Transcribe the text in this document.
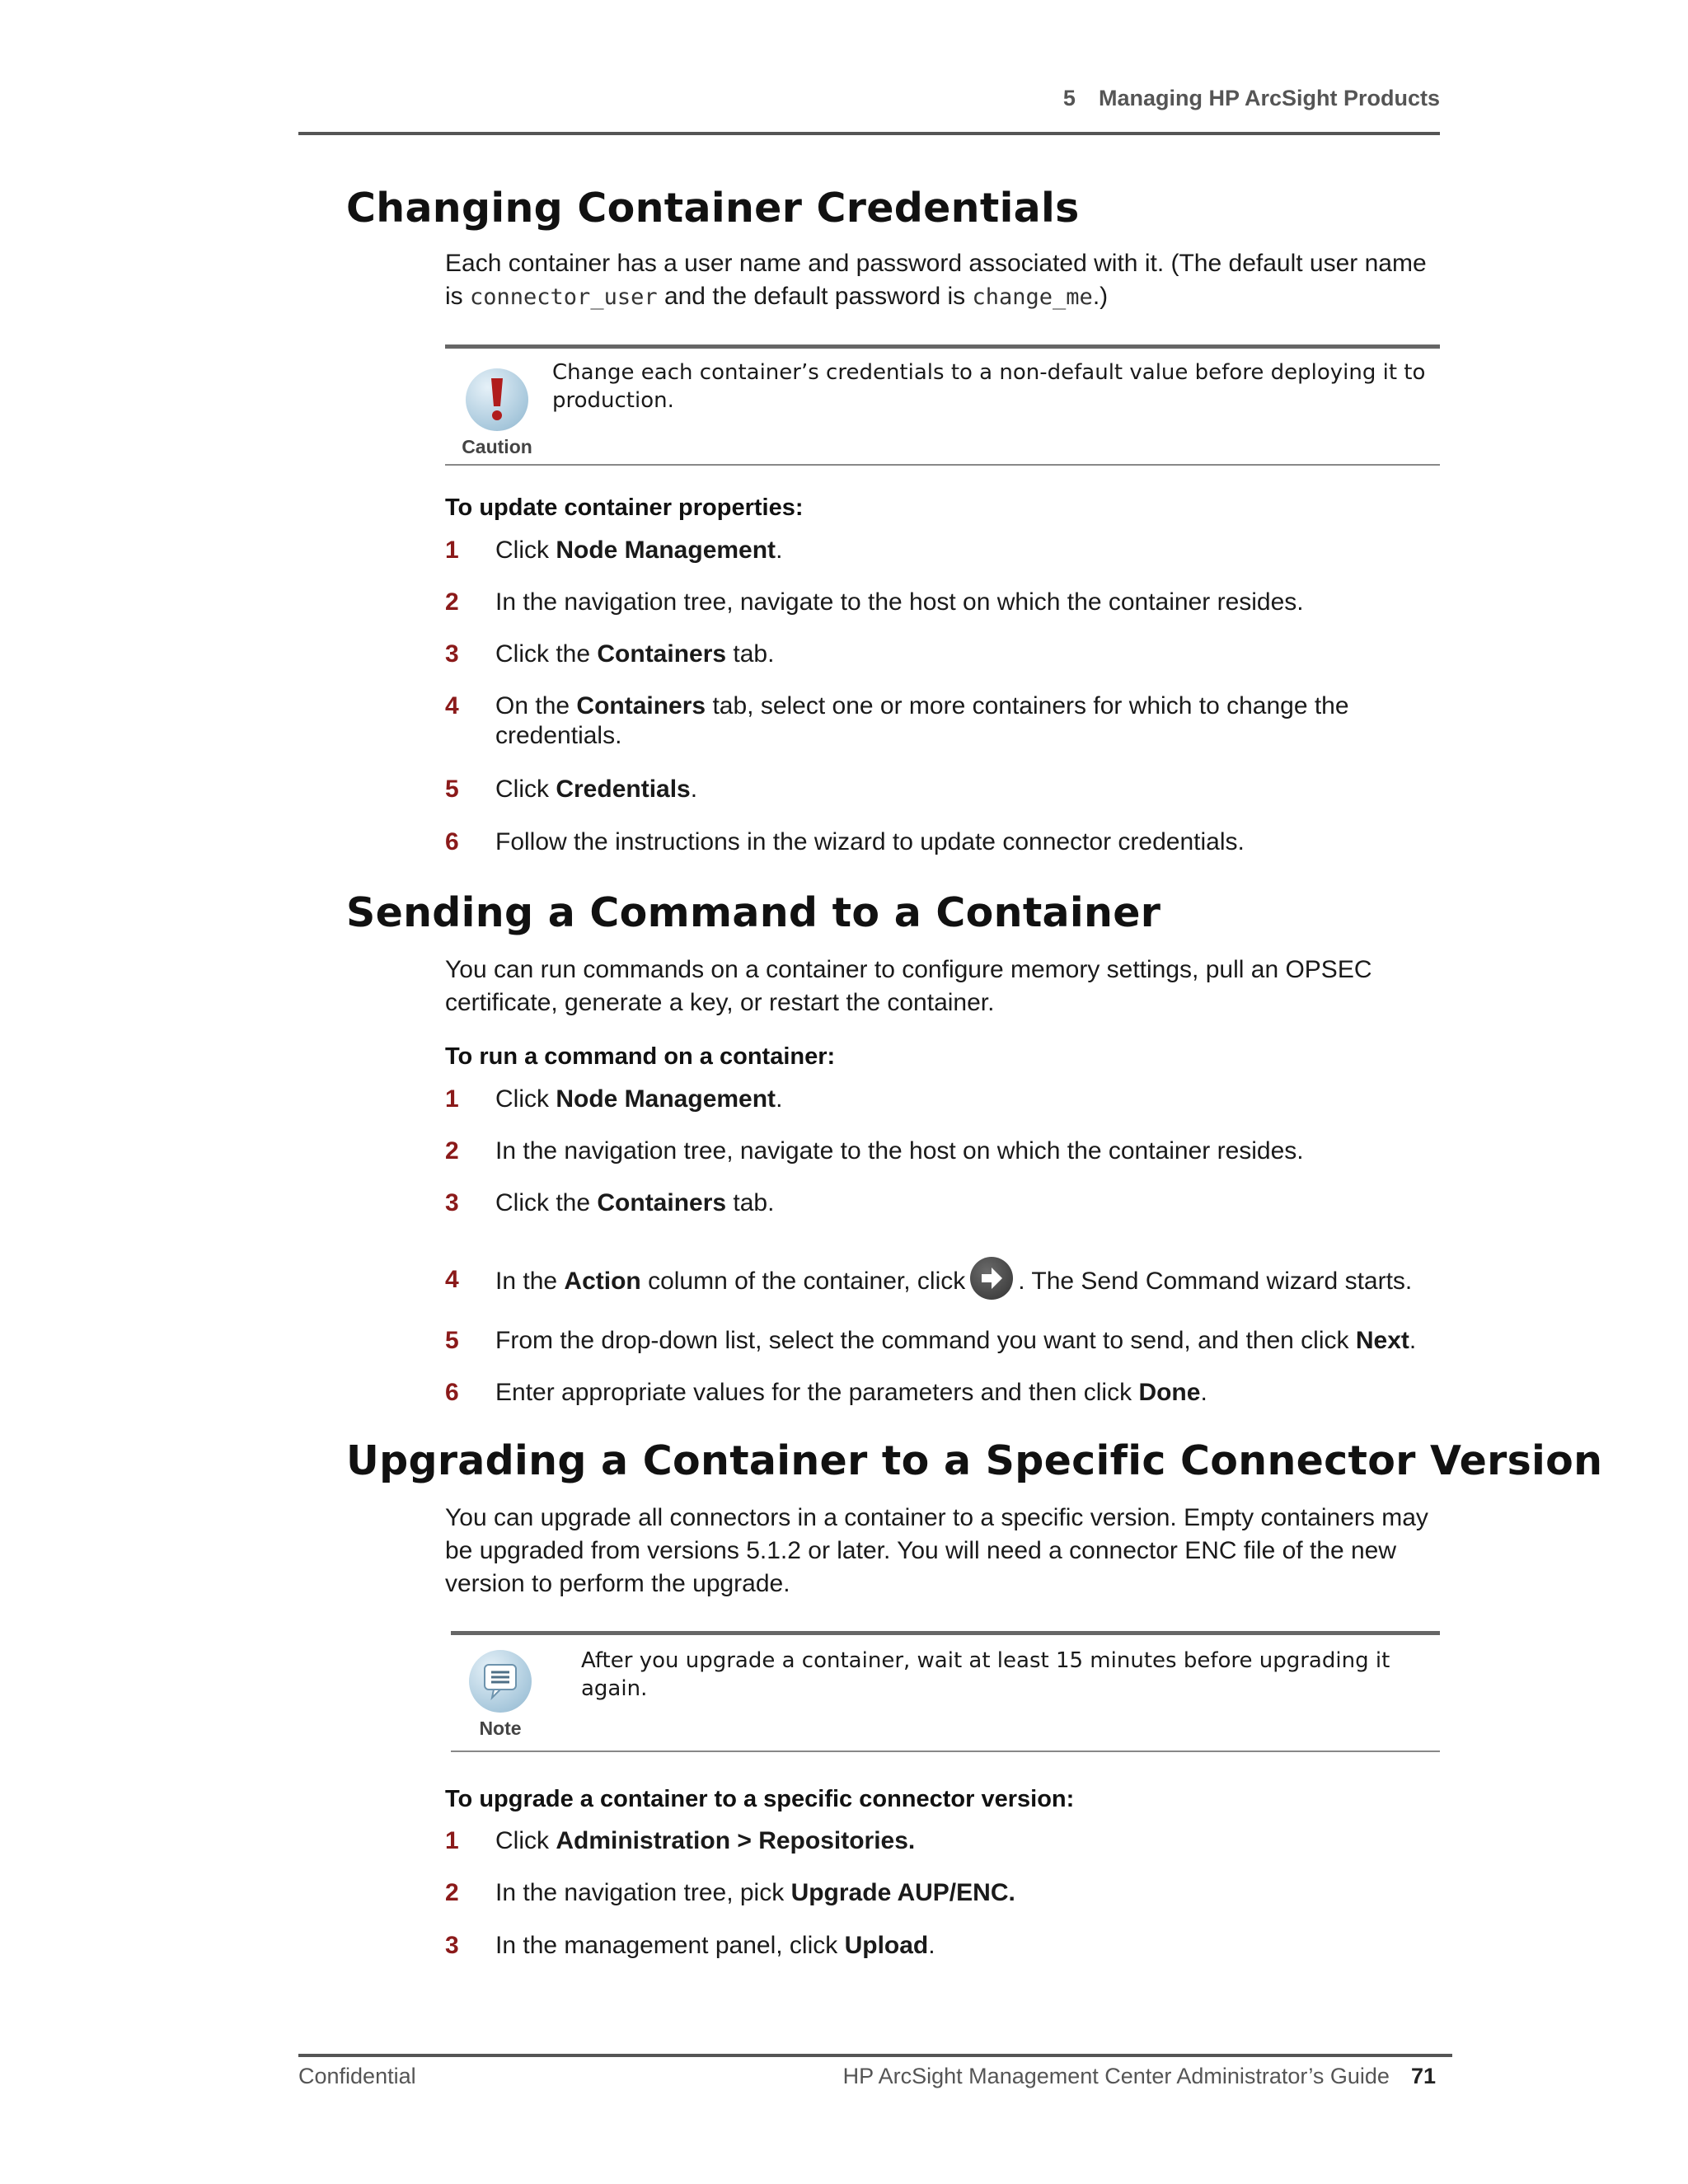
5 Managing HP ArcSight Products
Changing Container Credentials

Each container has a user name and password associated with it. (The default user name is connector_user and the default password is change_me.)

Caution
Change each container’s credentials to a non-default value before deploying it to production.

To update container properties:

1 Click Node Management.
2 In the navigation tree, navigate to the host on which the container resides.
3 Click the Containers tab.
4 On the Containers tab, select one or more containers for which to change the credentials.
5 Click Credentials.
6 Follow the instructions in the wizard to update connector credentials.
Sending a Command to a Container

You can run commands on a container to configure memory settings, pull an OPSEC certificate, generate a key, or restart the container.

To run a command on a container:

1 Click Node Management.
2 In the navigation tree, navigate to the host on which the container resides.
3 Click the Containers tab.
4 In the Action column of the container, click . The Send Command wizard starts.
5 From the drop-down list, select the command you want to send, and then click Next.
6 Enter appropriate values for the parameters and then click Done.
Upgrading a Container to a Specific Connector Version

You can upgrade all connectors in a container to a specific version. Empty containers may be upgraded from versions 5.1.2 or later. You will need a connector ENC file of the new version to perform the upgrade.

Note
After you upgrade a container, wait at least 15 minutes before upgrading it again.

To upgrade a container to a specific connector version:

1 Click Administration > Repositories.
2 In the navigation tree, pick Upgrade AUP/ENC.
3 In the management panel, click Upload.
Confidential	HP ArcSight Management Center Administrator’s Guide 71
